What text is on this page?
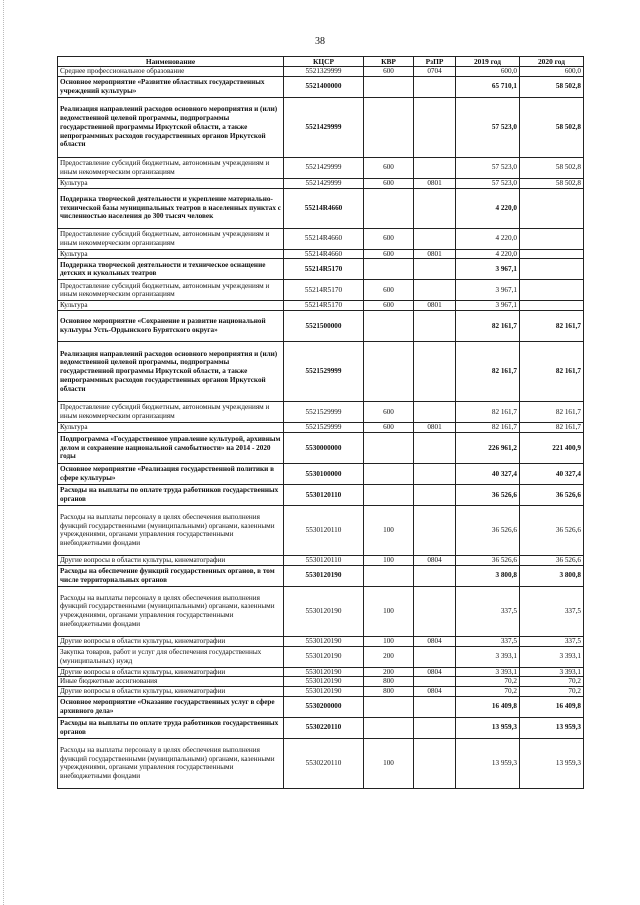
38
Наименование	КЦСР	КВР	РзПР	2019 год	2020 год
Среднее профессиональное образование	5521329999	600	0704	600,0	600,0
Основное мероприятие «Развитие областных государственных учреждений культуры»	5521400000			65 710,1	58 502,8
Реализация направлений расходов основного мероприятия и (или) ведомственной целевой программы, подпрограммы государственной программы Иркутской области, а также непрограммных расходов государственных органов Иркутской области	5521429999			57 523,0	58 502,8
Предоставление субсидий бюджетным, автономным учреждениям и иным некоммерческим организациям	5521429999	600		57 523,0	58 502,8
Культура	5521429999	600	0801	57 523,0	58 502,8
Поддержка творческой деятельности и укрепление материально-технической базы муниципальных театров в населенных пунктах с численностью населения до 300 тысяч человек	55214R4660			4 220,0	
Предоставление субсидий бюджетным, автономным учреждениям и иным некоммерческим организациям	55214R4660	600		4 220,0	
Культура	55214R4660	600	0801	4 220,0	
Поддержка творческой деятельности и техническое оснащение детских и кукольных театров	55214R5170			3 967,1	
Предоставление субсидий бюджетным, автономным учреждениям и иным некоммерческим организациям	55214R5170	600		3 967,1	
Культура	55214R5170	600	0801	3 967,1	
Основное мероприятие «Сохранение и развитие национальной культуры Усть-Ордынского Бурятского округа»	5521500000			82 161,7	82 161,7
Реализация направлений расходов основного мероприятия и (или) ведомственной целевой программы, подпрограммы государственной программы Иркутской области, а также непрограммных расходов государственных органов Иркутской области	5521529999			82 161,7	82 161,7
Предоставление субсидий бюджетным, автономным учреждениям и иным некоммерческим организациям	5521529999	600		82 161,7	82 161,7
Культура	5521529999	600	0801	82 161,7	82 161,7
Подпрограмма «Государственное управление культурой, архивным делом и сохранение национальной самобытности» на 2014 - 2020 годы	5530000000			226 961,2	221 400,9
Основное мероприятие «Реализация государственной политики в сфере культуры»	5530100000			40 327,4	40 327,4
Расходы на выплаты по оплате труда работников государственных органов	5530120110			36 526,6	36 526,6
Расходы на выплаты персоналу в целях обеспечения выполнения функций государственными (муниципальными) органами, казенными учреждениями, органами управления государственными внебюджетными фондами	5530120110	100		36 526,6	36 526,6
Другие вопросы в области культуры, кинематографии	5530120110	100	0804	36 526,6	36 526,6
Расходы на обеспечение функций государственных органов, в том числе территориальных органов	5530120190			3 800,8	3 800,8
Расходы на выплаты персоналу в целях обеспечения выполнения функций государственными (муниципальными) органами, казенными учреждениями, органами управления государственными внебюджетными фондами	5530120190	100		337,5	337,5
Другие вопросы в области культуры, кинематографии	5530120190	100	0804	337,5	337,5
Закупка товаров, работ и услуг для обеспечения государственных (муниципальных) нужд	5530120190	200		3 393,1	3 393,1
Другие вопросы в области культуры, кинематографии	5530120190	200	0804	3 393,1	3 393,1
Иные бюджетные ассигнования	5530120190	800		70,2	70,2
Другие вопросы в области культуры, кинематографии	5530120190	800	0804	70,2	70,2
Основное мероприятие «Оказание государственных услуг в сфере архивного дела»	5530200000			16 409,8	16 409,8
Расходы на выплаты по оплате труда работников государственных органов	5530220110			13 959,3	13 959,3
Расходы на выплаты персоналу в целях обеспечения выполнения функций государственными (муниципальными) органами, казенными учреждениями, органами управления государственными внебюджетными фондами	5530220110	100		13 959,3	13 959,3
